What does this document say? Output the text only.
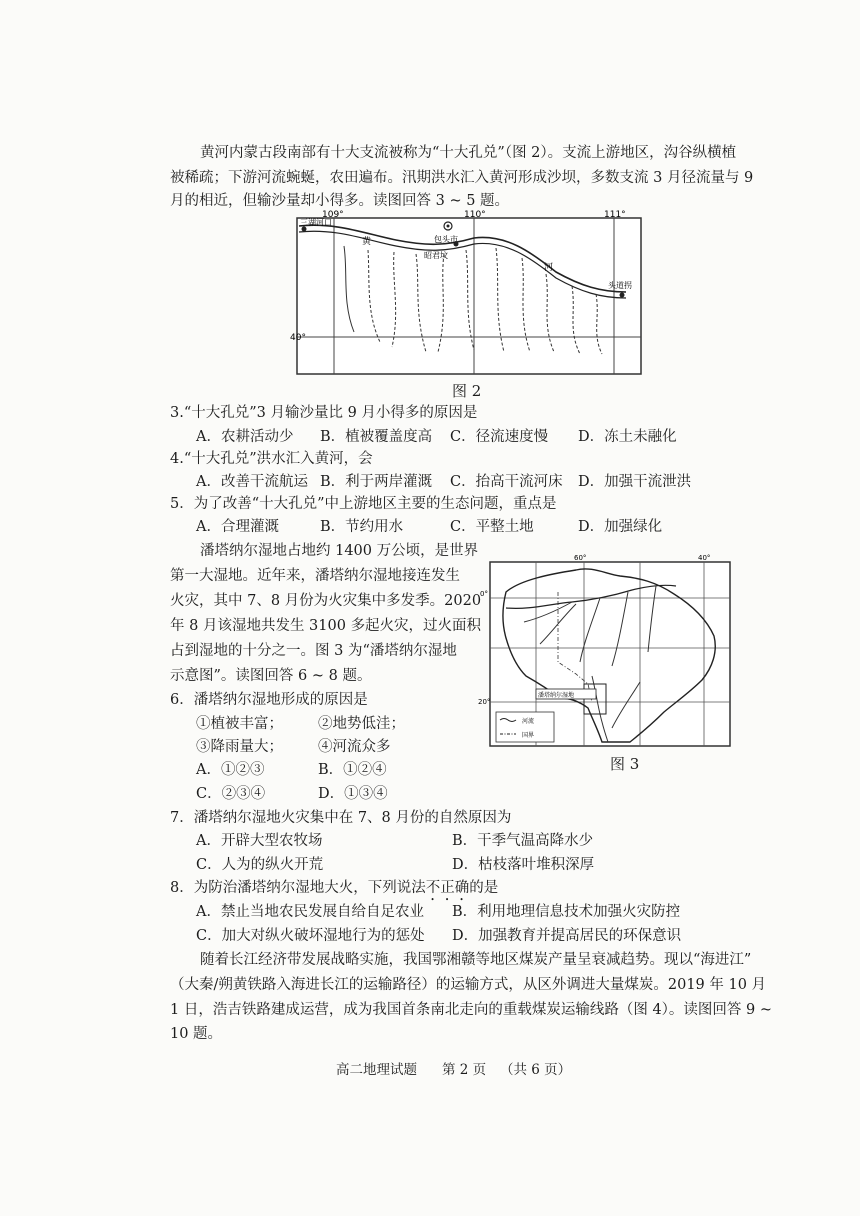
黄河内蒙古段南部有十大支流被称为“十大孔兑”（图 2）。支流上游地区，沟谷纵横植
被稀疏；下游河流蜿蜒，农田遍布。汛期洪水汇入黄河形成沙坝，多数支流 3 月径流量与 9
月的相近，但输沙量却小得多。读图回答 3 ~ 5 题。
109°	110°	111°
40°
三湖河口
包头市
昭君坟
头道拐
黄
河
图 2
3.“十大孔兑”3 月输沙量比 9 月小得多的原因是
A．农耕活动少 B．植被覆盖度高 C．径流速度慢 D．冻土未融化
4.“十大孔兑”洪水汇入黄河，会
A．改善干流航运 B．利于两岸灌溉 C．抬高干流河床 D．加强干流泄洪
5．为了改善“十大孔兑”中上游地区主要的生态问题，重点是
A．合理灌溉	B．节约用水	C．平整土地	D．加强绿化
潘塔纳尔湿地占地约 1400 万公顷，是世界
第一大湿地。近年来，潘塔纳尔湿地接连发生
火灾，其中 7、8 月份为火灾集中多发季。2020
年 8 月该湿地共发生 3100 多起火灾，过火面积
占到湿地的十分之一。图 3 为“潘塔纳尔湿地
示意图”。读图回答 6 ~ 8 题。
潘塔纳尔湿地
河流
国界
60°	40°
0°
20°
图 3
6．潘塔纳尔湿地形成的原因是
①植被丰富； ②地势低洼；
③降雨量大； ④河流众多
A．①②③	B．①②④
C．②③④	D．①③④
7．潘塔纳尔湿地火灾集中在 7、8 月份的自然原因为
A．开辟大型农牧场	B．干季气温高降水少
C．人为的纵火开荒	D．枯枝落叶堆积深厚
8．为防治潘塔纳尔湿地大火，下列说法不正确的是
A．禁止当地农民发展自给自足农业 B．利用地理信息技术加强火灾防控
C．加大对纵火破坏湿地行为的惩处 D．加强教育并提高居民的环保意识
随着长江经济带发展战略实施，我国鄂湘赣等地区煤炭产量呈衰减趋势。现以“海进江”
（大秦/朔黄铁路入海进长江的运输路径）的运输方式，从区外调进大量煤炭。2019 年 10 月
1 日，浩吉铁路建成运营，成为我国首条南北走向的重载煤炭运输线路（图 4）。读图回答 9 ~
10 题。
高二地理试题 第 2 页 （共 6 页）
